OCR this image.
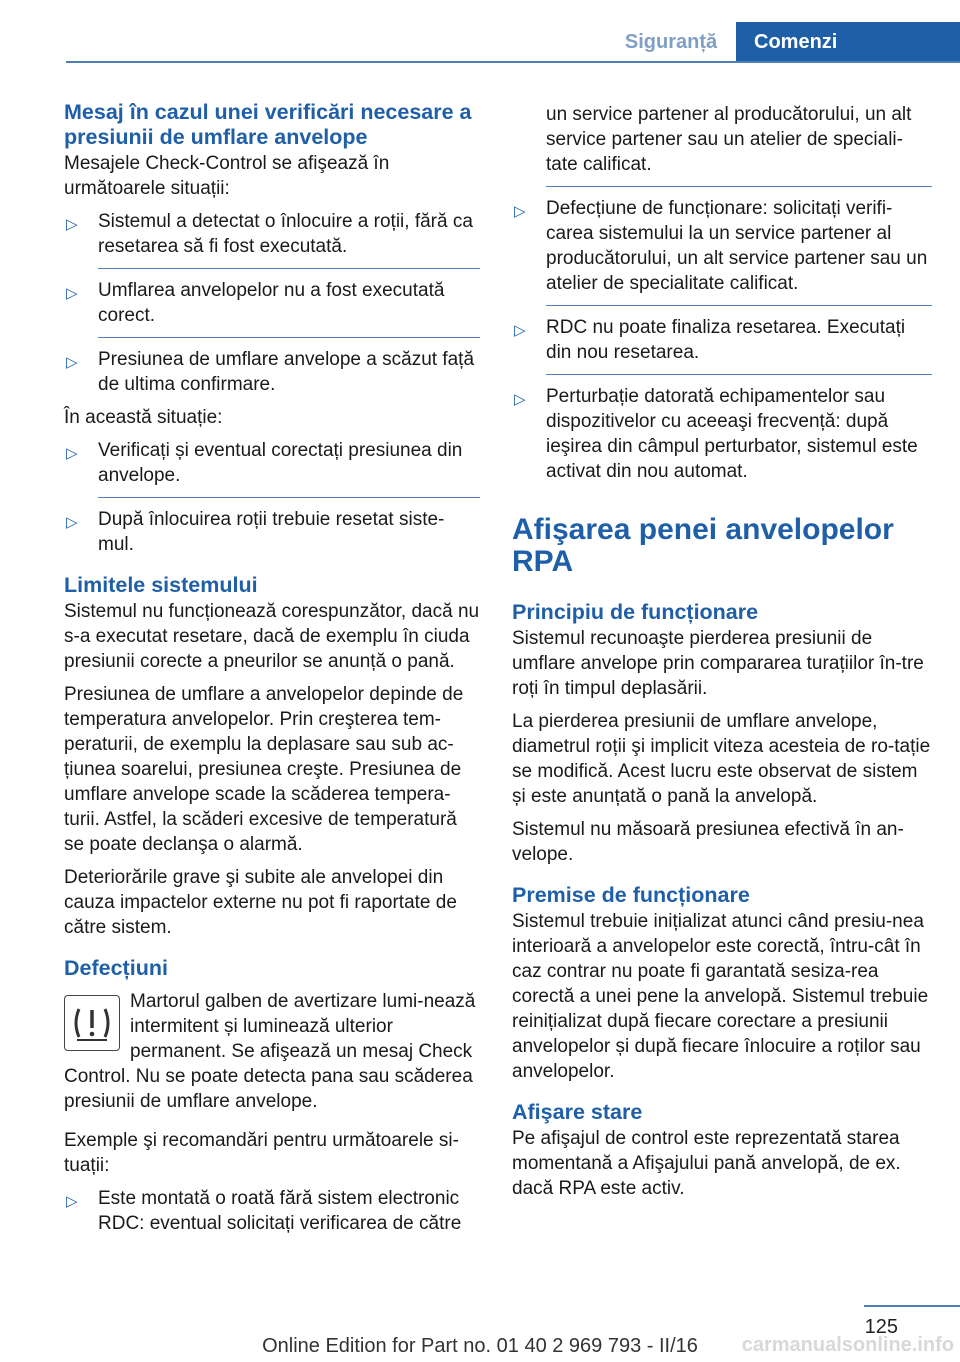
Siguranță	Comenzi
Mesaj în cazul unei verificări necesare a presiunii de umflare anvelope

Mesajele Check-Control se afişează în următoarele situații:

▷ Sistemul a detectat o înlocuire a roții, fără ca resetarea să fi fost executată.
▷ Umflarea anvelopelor nu a fost executată corect.
▷ Presiunea de umflare anvelope a scăzut față de ultima confirmare.

În această situație:

▷ Verificați și eventual corectați presiunea din anvelope.
▷ După înlocuirea roții trebuie resetat siste-mul.
Limitele sistemului

Sistemul nu funcționează corespunzător, dacă nu s-a executat resetare, dacă de exemplu în ciuda presiunii corecte a pneurilor se anunță o pană.

Presiunea de umflare a anvelopelor depinde de temperatura anvelopelor. Prin creşterea tem-peraturii, de exemplu la deplasare sau sub ac-țiunea soarelui, presiunea creşte. Presiunea de umflare anvelope scade la scăderea tempera-turii. Astfel, la scăderi excesive de temperatură se poate declanşa o alarmă.

Deteriorările grave şi subite ale anvelopei din cauza impactelor externe nu pot fi raportate de către sistem.

Defecțiuni

Martorul galben de avertizare lumi-nează intermitent și luminează ulterior permanent. Se afişează un mesaj Check Control. Nu se poate detecta pana sau scăderea presiunii de umflare anvelope.

Exemple şi recomandări pentru următoarele si-tuații:

▷ Este montată o roată fără sistem electronic RDC: eventual solicitați verificarea de către
un service partener al producătorului, un alt service partener sau un atelier de speciali-tate calificat.
▷ Defecțiune de funcționare: solicitați verifi-carea sistemului la un service partener al producătorului, un alt service partener sau un atelier de specialitate calificat.
▷ RDC nu poate finaliza resetarea. Executați din nou resetarea.
▷ Perturbație datorată echipamentelor sau dispozitivelor cu aceeaşi frecvență: după ieşirea din câmpul perturbator, sistemul este activat din nou automat.
Afişarea penei anvelopelor RPA
Principiu de funcționare

Sistemul recunoaşte pierderea presiunii de umflare anvelope prin compararea turațiilor în-tre roți în timpul deplasării.

La pierderea presiunii de umflare anvelope, diametrul roții şi implicit viteza acesteia de ro-tație se modifică. Acest lucru este observat de sistem și este anunțată o pană la anvelopă.

Sistemul nu măsoară presiunea efectivă în an-velope.

Premise de funcționare

Sistemul trebuie inițializat atunci când presiu-nea interioară a anvelopelor este corectă, întru-cât în caz contrar nu poate fi garantată sesiza-rea corectă a unei pene la anvelopă. Sistemul trebuie reinițializat după fiecare corectare a presiunii anvelopelor și după fiecare înlocuire a roților sau anvelopelor.

Afişare stare

Pe afişajul de control este reprezentată starea momentană a Afişajului pană anvelopă, de ex. dacă RPA este activ.

125
Online Edition for Part no. 01 40 2 969 793 - II/16	carmanualsonline.info
